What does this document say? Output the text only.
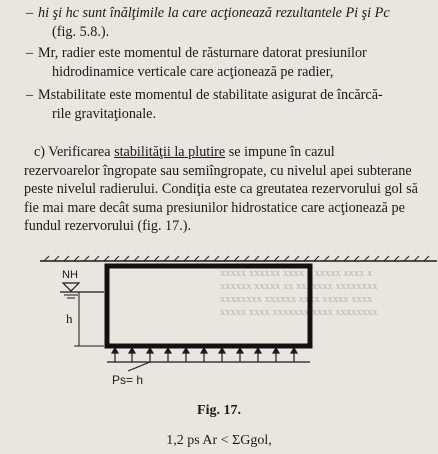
xxxxx xxxxxx xxxx x xxxxx xxxx x
xxxxxx xxxxx xx xxxxxxx xxxxxxxx
xxxxxxxx xxxxxx xxxx xxxxx xxxx
xxxxx xxxx xxxxxxx xxxx xxxxxxxx
– hi şi hc sunt înălţimile la care acţionează rezultantele Pi şi Pc

(fig. 5.8.).

– Mr, radier este momentul de răsturnare datorat presiunilor

hidrodinamice verticale care acţionează pe radier,

– Mstabilitate este momentul de stabilitate asigurat de încărcă-

rile gravitaţionale.

c) Verificarea stabilităţii la plutire se impune în cazul

rezervoarelor îngropate sau semiîngropate, cu nivelul apei subterane

peste nivelul radierului. Condiţia este ca greutatea rezervorului gol să

fie mai mare decât suma presiunilor hidrostatice care acţionează pe

fundul rezervorului (fig. 17.).

NH
h
Ps= h
Fig. 17.
1,2 ps Ar < ΣGgol,
